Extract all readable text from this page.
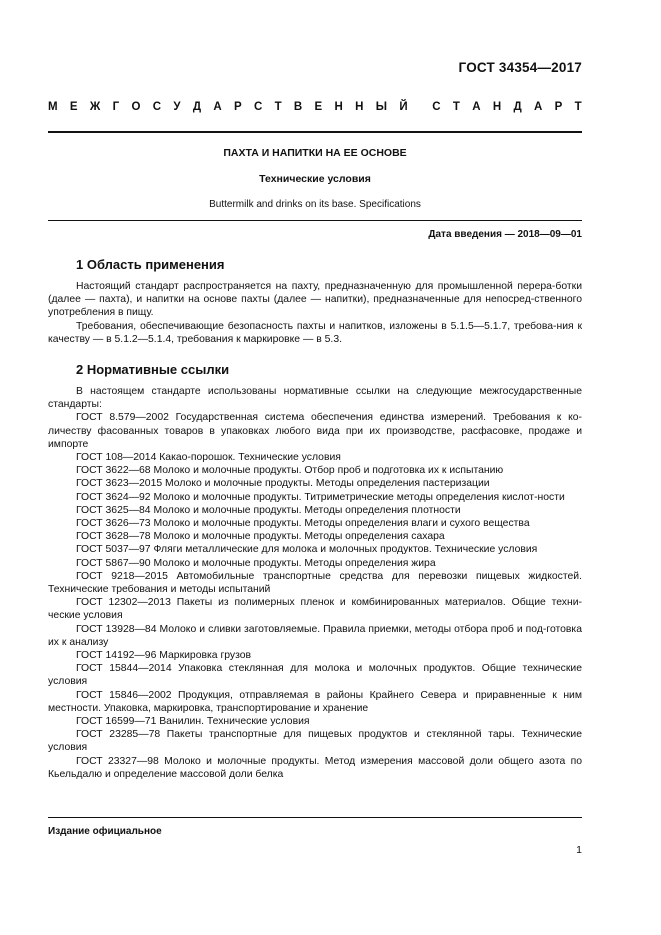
ГОСТ 34354—2017
М Е Ж Г О С У Д А Р С Т В Е Н Н Ы Й С Т А Н Д А Р Т
ПАХТА И НАПИТКИ НА ЕЕ ОСНОВЕ
Технические условия
Buttermilk and drinks on its base. Specifications
Дата введения — 2018—09—01
1 Область применения

Настоящий стандарт распространяется на пахту, предназначенную для промышленной перера-ботки (далее — пахта), и напитки на основе пахты (далее — напитки), предназначенные для непосред-ственного употребления в пищу.

Требования, обеспечивающие безопасность пахты и напитков, изложены в 5.1.5—5.1.7, требова-ния к качеству — в 5.1.2—5.1.4, требования к маркировке — в 5.3.

2 Нормативные ссылки

В настоящем стандарте использованы нормативные ссылки на следующие межгосударственные стандарты:

ГОСТ 8.579—2002 Государственная система обеспечения единства измерений. Требования к ко-личеству фасованных товаров в упаковках любого вида при их производстве, расфасовке, продаже и импорте

ГОСТ 108—2014 Какао-порошок. Технические условия

ГОСТ 3622—68 Молоко и молочные продукты. Отбор проб и подготовка их к испытанию

ГОСТ 3623—2015 Молоко и молочные продукты. Методы определения пастеризации

ГОСТ 3624—92 Молоко и молочные продукты. Титриметрические методы определения кислот-ности

ГОСТ 3625—84 Молоко и молочные продукты. Методы определения плотности

ГОСТ 3626—73 Молоко и молочные продукты. Методы определения влаги и сухого вещества

ГОСТ 3628—78 Молоко и молочные продукты. Методы определения сахара

ГОСТ 5037—97 Фляги металлические для молока и молочных продуктов. Технические условия

ГОСТ 5867—90 Молоко и молочные продукты. Методы определения жира

ГОСТ 9218—2015 Автомобильные транспортные средства для перевозки пищевых жидкостей. Технические требования и методы испытаний

ГОСТ 12302—2013 Пакеты из полимерных пленок и комбинированных материалов. Общие техни-ческие условия

ГОСТ 13928—84 Молоко и сливки заготовляемые. Правила приемки, методы отбора проб и под-готовка их к анализу

ГОСТ 14192—96 Маркировка грузов

ГОСТ 15844—2014 Упаковка стеклянная для молока и молочных продуктов. Общие технические условия

ГОСТ 15846—2002 Продукция, отправляемая в районы Крайнего Севера и приравненные к ним местности. Упаковка, маркировка, транспортирование и хранение

ГОСТ 16599—71 Ванилин. Технические условия

ГОСТ 23285—78 Пакеты транспортные для пищевых продуктов и стеклянной тары. Технические условия

ГОСТ 23327—98 Молоко и молочные продукты. Метод измерения массовой доли общего азота по Кьельдалю и определение массовой доли белка

Издание официальное
1
